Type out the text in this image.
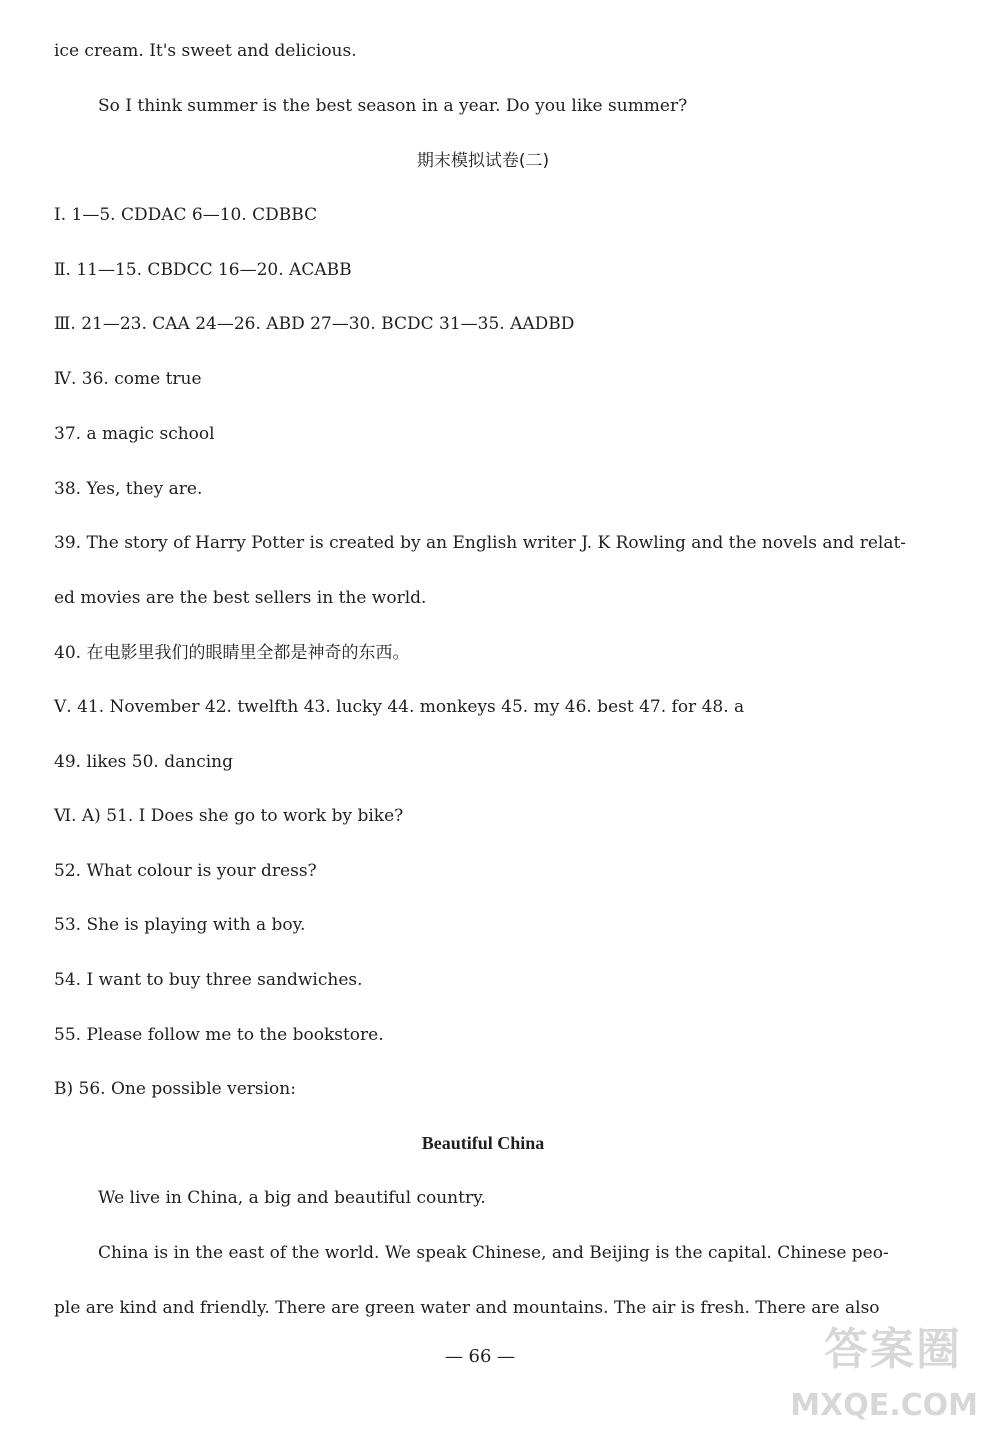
ice cream. It's sweet and delicious.
So I think summer is the best season in a year. Do you like summer?
期末模拟试卷(二)
Ⅰ. 1—5. CDDAC 6—10. CDBBC
Ⅱ. 11—15. CBDCC 16—20. ACABB
Ⅲ. 21—23. CAA 24—26. ABD 27—30. BCDC 31—35. AADBD
Ⅳ. 36. come true
37. a magic school
38. Yes, they are.
39. The story of Harry Potter is created by an English writer J. K Rowling and the novels and relat-
ed movies are the best sellers in the world.
40. 在电影里我们的眼睛里全都是神奇的东西。
Ⅴ. 41. November 42. twelfth 43. lucky 44. monkeys 45. my 46. best 47. for 48. a
49. likes 50. dancing
Ⅵ. A) 51. I Does she go to work by bike?
52. What colour is your dress?
53. She is playing with a boy.
54. I want to buy three sandwiches.
55. Please follow me to the bookstore.
B) 56. One possible version:
Beautiful China
We live in China, a big and beautiful country.
China is in the east of the world. We speak Chinese, and Beijing is the capital. Chinese peo-
ple are kind and friendly. There are green water and mountains. The air is fresh. There are also
— 66 —	答案圈
MXQE.COM
